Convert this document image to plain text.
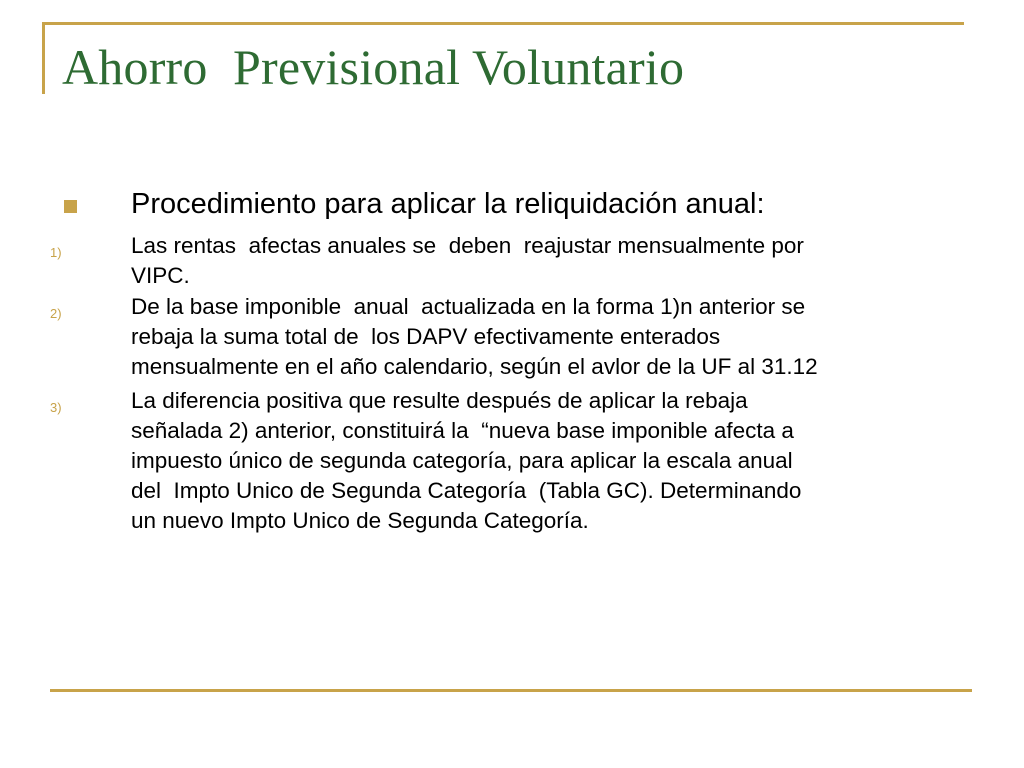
Ahorro  Previsional Voluntario
Procedimiento para aplicar la reliquidación anual:
1)	Las rentas  afectas anuales se  deben  reajustar mensualmente por
VIPC.
2)	De la base imponible  anual  actualizada en la forma 1)n anterior se
rebaja la suma total de  los DAPV efectivamente enterados
mensualmente en el año calendario, según el avlor de la UF al 31.12
3)	La diferencia positiva que resulte después de aplicar la rebaja
señalada 2) anterior, constituirá la  “nueva base imponible afecta a
impuesto único de segunda categoría, para aplicar la escala anual
del  Impto Unico de Segunda Categoría  (Tabla GC). Determinando
un nuevo Impto Unico de Segunda Categoría.
